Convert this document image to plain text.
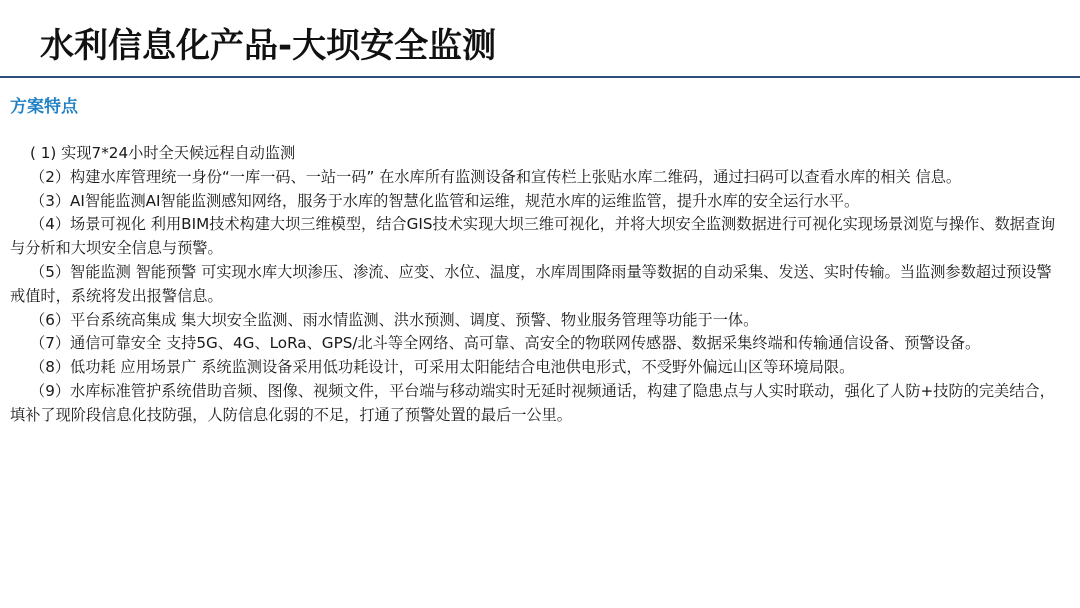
水利信息化产品-大坝安全监测
方案特点

( 1) 实现7*24小时全天候远程自动监测

（2）构建水库管理统一身份“一库一码、一站一码” 在水库所有监测设备和宣传栏上张贴水库二维码，通过扫码可以查看水库的相关 信息。

（3）AI智能监测AI智能监测感知网络，服务于水库的智慧化监管和运维，规范水库的运维监管，提升水库的安全运行水平。

（4）场景可视化 利用BIM技术构建大坝三维模型，结合GIS技术实现大坝三维可视化，并将大坝安全监测数据进行可视化实现场景浏览与操作、数据查询与分析和大坝安全信息与预警。

（5）智能监测 智能预警 可实现水库大坝渗压、渗流、应变、水位、温度，水库周围降雨量等数据的自动采集、发送、实时传输。当监测参数超过预设警戒值时，系统将发出报警信息。

（6）平台系统高集成 集大坝安全监测、雨水情监测、洪水预测、调度、预警、物业服务管理等功能于一体。

（7）通信可靠安全 支持5G、4G、LoRa、GPS/北斗等全网络、高可靠、高安全的物联网传感器、数据采集终端和传输通信设备、预警设备。

（8）低功耗 应用场景广 系统监测设备采用低功耗设计，可采用太阳能结合电池供电形式，不受野外偏远山区等环境局限。

（9）水库标准管护系统借助音频、图像、视频文件，平台端与移动端实时无延时视频通话，构建了隐患点与人实时联动，强化了人防+技防的完美结合，填补了现阶段信息化技防强，人防信息化弱的不足，打通了预警处置的最后一公里。
